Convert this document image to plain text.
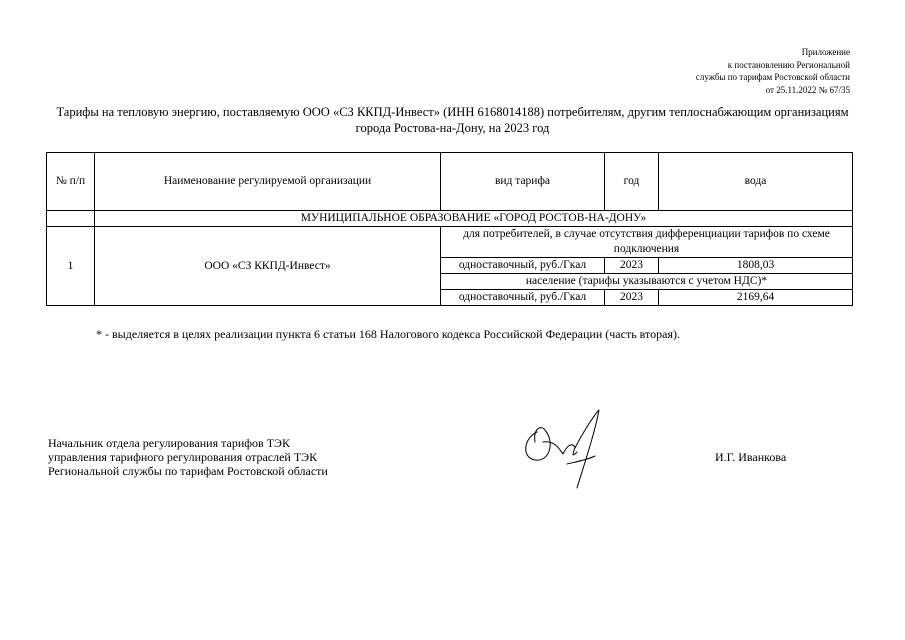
Приложение
к постановлению Региональной
службы по тарифам Ростовской области
от 25.11.2022 № 67/35
Тарифы на тепловую энергию, поставляемую ООО «СЗ ККПД-Инвест» (ИНН 6168014188) потребителям, другим теплоснабжающим организациям
города Ростова-на-Дону, на 2023 год
№ п/п	Наименование регулируемой организации	вид тарифа	год	вода
	МУНИЦИПАЛЬНОЕ ОБРАЗОВАНИЕ «ГОРОД РОСТОВ-НА-ДОНУ»			
1	ООО «СЗ ККПД-Инвест»	для потребителей, в случае отсутствия дифференциации тарифов по схеме подключения		
		одноставочный, руб./Гкал	2023	1808,03
		население (тарифы указываются с учетом НДС)*		
		одноставочный, руб./Гкал	2023	2169,64
* - выделяется в целях реализации пункта 6 статьи 168 Налогового кодекса Российской Федерации (часть вторая).
Начальник отдела регулирования тарифов ТЭК
управления тарифного регулирования отраслей ТЭК
Региональной службы по тарифам Ростовской области
И.Г. Иванкова
